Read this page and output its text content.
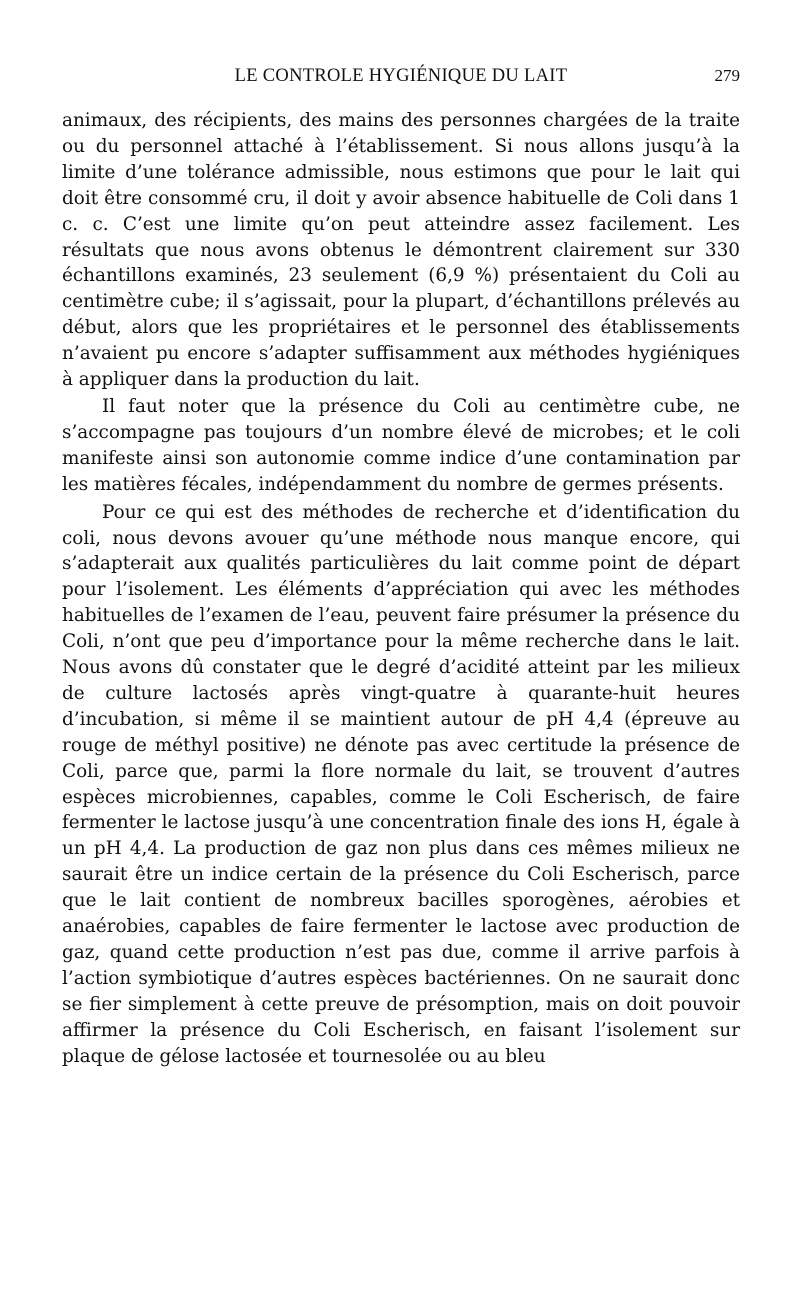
LE CONTROLE HYGIÉNIQUE DU LAIT	279

animaux, des récipients, des mains des personnes chargées de la traite ou du personnel attaché à l’établissement. Si nous allons jusqu’à la limite d’une tolérance admissible, nous estimons que pour le lait qui doit être consommé cru, il doit y avoir absence habituelle de Coli dans 1 c. c. C’est une limite qu’on peut atteindre assez facilement. Les résultats que nous avons obtenus le démontrent clairement sur 330 échantillons examinés, 23 seulement (6,9 %) présentaient du Coli au centimètre cube; il s’agissait, pour la plupart, d’échantillons prélevés au début, alors que les propriétaires et le personnel des établissements n’avaient pu encore s’adapter suffisamment aux méthodes hygiéniques à appliquer dans la production du lait.

Il faut noter que la présence du Coli au centimètre cube, ne s’accompagne pas toujours d’un nombre élevé de microbes; et le coli manifeste ainsi son autonomie comme indice d’une contamination par les matières fécales, indépendamment du nombre de germes présents.

Pour ce qui est des méthodes de recherche et d’identification du coli, nous devons avouer qu’une méthode nous manque encore, qui s’adapterait aux qualités particulières du lait comme point de départ pour l’isolement. Les éléments d’appréciation qui avec les méthodes habituelles de l’examen de l’eau, peuvent faire présumer la présence du Coli, n’ont que peu d’importance pour la même recherche dans le lait. Nous avons dû constater que le degré d’acidité atteint par les milieux de culture lactosés après vingt-quatre à quarante-huit heures d’incubation, si même il se maintient autour de pH 4,4 (épreuve au rouge de méthyl positive) ne dénote pas avec certitude la présence de Coli, parce que, parmi la flore normale du lait, se trouvent d’autres espèces microbiennes, capables, comme le Coli Escherisch, de faire fermenter le lactose jusqu’à une concentration finale des ions H, égale à un pH 4,4. La production de gaz non plus dans ces mêmes milieux ne saurait être un indice certain de la présence du Coli Escherisch, parce que le lait contient de nombreux bacilles sporogènes, aérobies et anaérobies, capables de faire fermenter le lactose avec production de gaz, quand cette production n’est pas due, comme il arrive parfois à l’action symbiotique d’autres espèces bactériennes. On ne saurait donc se fier simplement à cette preuve de présomption, mais on doit pouvoir affirmer la présence du Coli Escherisch, en faisant l’isolement sur plaque de gélose lactosée et tournesolée ou au bleu
